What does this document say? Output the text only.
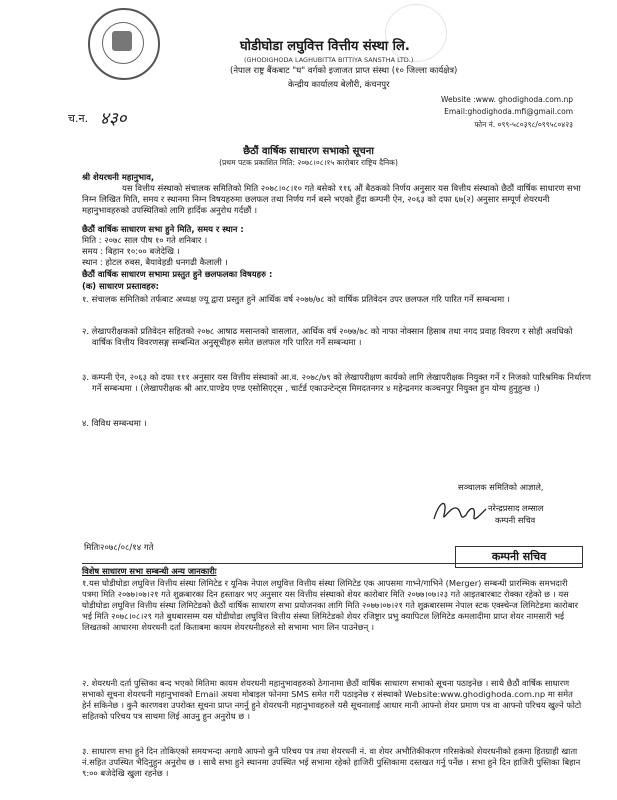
घोडीघोडा लघुवित्त वित्तीय संस्था लि.
(GHODIGHODA LAGHUBITTA BITTIYA SANSTHA LTD.)
(नेपाल राष्ट्र बैंकबाट "घ" वर्गको इजाजत प्राप्त संस्था (१० जिल्ला कार्यक्षेत्र)
केन्द्रीय कार्यालय बेलौरी, कंचनपुर
Website :www. ghodighoda.com.np
Email:ghodighoda.mfi@gmail.com
फोन नं. ०९९-५८०३९८/०९९५८०४२३
च.न. ४३०
छैठौं वार्षिक साधारण सभाको सूचना
(प्रथम पटक प्रकाशित मिति: २०७८।०८।१५ कारोबार राष्ट्रिय दैनिक)
श्री शेयरधनी महानुभाव,
यस वित्तीय संस्थाको संचालक समितिको मिति २०७८।०८।१० गते बसेको ११६ औं बैठकको निर्णय अनुसार यस वित्तीय संस्थाको छैठौं वार्षिक साधारण सभा निम्न लिखित मिति, समय र स्थानमा निम्न विषयहरुमा छलफल तथा निर्णय गर्न बस्ने भएको हुँदा कम्पनी ऐन, २०६३ को दफा ६७(२) अनुसार सम्पूर्ण शेयरधनी महानुभावहरुको उपस्थितिको लागि हार्दिक अनुरोध गर्दछौं ।
छैठौं वार्षिक साधारण सभा हुने मिति, समय र स्थान :
मिति : २०७८ साल पौष १० गते शनिबार ।
समय : बिहान १०:०० बजेदेखि ।
स्थान : होटल रुबस, बैयावेहडी धनगढी कैलाली ।
छैठौं वार्षिक साधारण सभामा प्रस्तुत हुने छलफलका विषयहरु :
(क) साधारण प्रस्तावहरु:
१. संचालक समितिको तर्फबाट अध्यक्ष ज्यू द्वारा प्रस्तुत हुने आर्थिक वर्ष २०७७/७८ को वार्षिक प्रतिवेदन उपर छलफल गरि पारित गर्ने सम्बन्धमा ।
२. लेखापरीक्षकको प्रतिवेदन सहितको २०७८ आषाढ मसान्तको वासलात, आर्थिक वर्ष २०७७/७८ को नाफा नोक्सान हिसाब तथा नगद प्रवाह विवरण र सोही अवधिको वार्षिक वित्तीय विवरणसङ्ग सम्बन्धित अनुसूचीहरु समेत छलफल गरि पारित गर्ने सम्बन्धमा ।
३. कम्पनी ऐन, २०६३ को दफा १११ अनुसार यस वित्तीय संस्थाको आ.व. २०७८/७९ को लेखापरीक्षण कार्यको लागि लेखापरीक्षक नियुक्त गर्ने र निजको पारिश्रमिक निर्धारण गर्ने सम्बन्धमा । (लेखापरीक्षक श्री आर.पाण्डेय एण्ड एसोसिएट्स , चार्टर्ड एकाउन्टेन्ट्स मिमदतनगर ४ महेन्द्रनगर कञ्चनपुर नियुक्त हुन योग्य हुनुहुन्छ ।)
४. विविध सम्बन्धमा ।
सञ्चालक समितिको आज्ञाले,
नरेन्द्रप्रसाद लम्साल
कम्पनी सचिव
कम्पनी सचिव
मितिः२०७८/०८/१४ गते
विशेष साधारण सभा सम्बन्धी अन्य जानकारीः
१.यस घोडीघोडा लघुवित्त वित्तीय संस्था लिमिटेड र यूनिक नेपाल लघुवित्त वित्तीय संस्था लिमिटेड एक आपसमा गाभ्ने/गाभिने (Merger) सम्बन्धी प्रारम्भिक समभदारी पत्रमा मिति २०७७।०७।२१ गते शुक्रबारका दिन हस्ताक्षर भए अनुसार यस वित्तीय संस्थाको शेयर कारोबार मिति २०७७।०७।२३ गते आइतबारबाट रोक्का रहेको छ । यस घोडीघोडा लघुवित्त वित्तीय संस्था लिमिटेडको छैठौं वार्षिक साधारण सभा प्रयोजनका लागि मिति २०७७।०७।२१ गते शुक्रबारसम्म नेपाल स्टक एक्स्चेन्ज लिमिटेडमा कारोबार भई मिति २०७८।०८।२९ गते बुधबारसम्म यस घोडीघोडा लघुवित्त वित्तीय संस्था लिमिटेडको शेयर रजिष्ट्रार प्रभु क्यापिटल लिमिटेड कमलादीमा प्राप्त शेयर नामसारी भई लिखतको आधारमा शेयरधनी दर्ता किताबमा कायम शेयरधनीहरुले सो सभामा भाग लिन पाउनेछन् ।
२. शेयरधनी दर्ता पुस्तिका बन्द भएको मितिमा कायम शेयरधनी महानुभावहरुको ठेगानामा छैठौं वार्षिक साधारण सभाको सूचना पठाइनेछ । साथै छैठौं वार्षिक साधारण सभाको सूचना शेयरधनी महानुभावको Email अथवा मोबाइल फोनमा SMS समेत गरी पठाइनेछ र संस्थाको Website:www.ghodighoda.com.np मा समेत हेर्न सकिनेछ । कुनै कारणवश उपरोक्त सूचना प्राप्त नगर्नु हुने शेयरधनी महानुभावहरुले यसै सूचनालाई आधार मानी आफ्नो शेयर प्रमाण पत्र वा आफ्नो परिचय खुल्ने फोटो सहितको परिचय पत्र साथमा लिई आउनु हुन अनुरोध छ ।
३. साधारण सभा हुने दिन तोकिएको समयभन्दा अगावै आफ्नो कुनै परिचय पत्र तथा शेयरधनी नं. वा शेयर अभौतिकीकरण गरिसकेको शेयरधनीको हकमा हितग्राही खाता नं.सहित उपस्थित भैदिनुहुन अनुरोध छ । साथै सभा हुने स्थानमा उपस्थित भई सभामा रहेको हाजिरी पुस्तिकामा दस्तखत गर्नु पर्नेछ । सभा हुने दिन हाजिरी पुस्तिका बिहान ९:०० बजेदेखि खुला रहनेछ ।
